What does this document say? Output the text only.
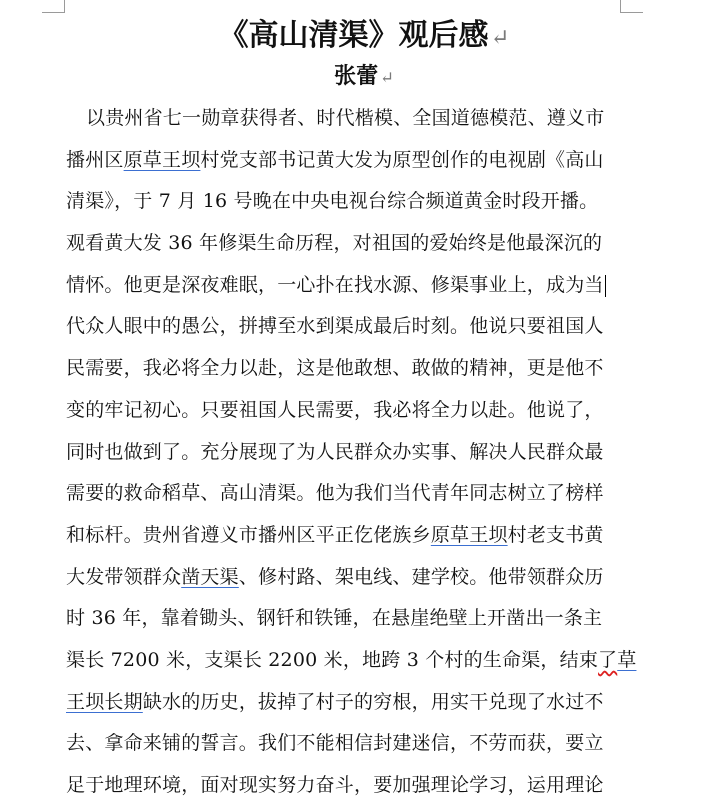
《高山清渠》观后感↵
张蕾 ↵
以贵州省七一勋章获得者、时代楷模、全国道德模范、遵义市
播州区原草王坝村党支部书记黄大发为原型创作的电视剧《高山
清渠》，于 7 月 16 号晚在中央电视台综合频道黄金时段开播。
观看黄大发 36 年修渠生命历程，对祖国的爱始终是他最深沉的
情怀。他更是深夜难眠，一心扑在找水源、修渠事业上，成为当
代众人眼中的愚公，拼搏至水到渠成最后时刻。他说只要祖国人
民需要，我必将全力以赴，这是他敢想、敢做的精神，更是他不
变的牢记初心。只要祖国人民需要，我必将全力以赴。他说了，
同时也做到了。充分展现了为人民群众办实事、解决人民群众最
需要的救命稻草、高山清渠。他为我们当代青年同志树立了榜样
和标杆。贵州省遵义市播州区平正仡佬族乡原草王坝村老支书黄
大发带领群众凿天渠、修村路、架电线、建学校。他带领群众历
时 36 年，靠着锄头、钢钎和铁锤，在悬崖绝壁上开凿出一条主
渠长 7200 米，支渠长 2200 米，地跨 3 个村的生命渠，结束了草
王坝长期缺水的历史，拔掉了村子的穷根，用实干兑现了水过不
去、拿命来铺的誓言。我们不能相信封建迷信，不劳而获，要立
足于地理环境，面对现实努力奋斗，要加强理论学习，运用理论
